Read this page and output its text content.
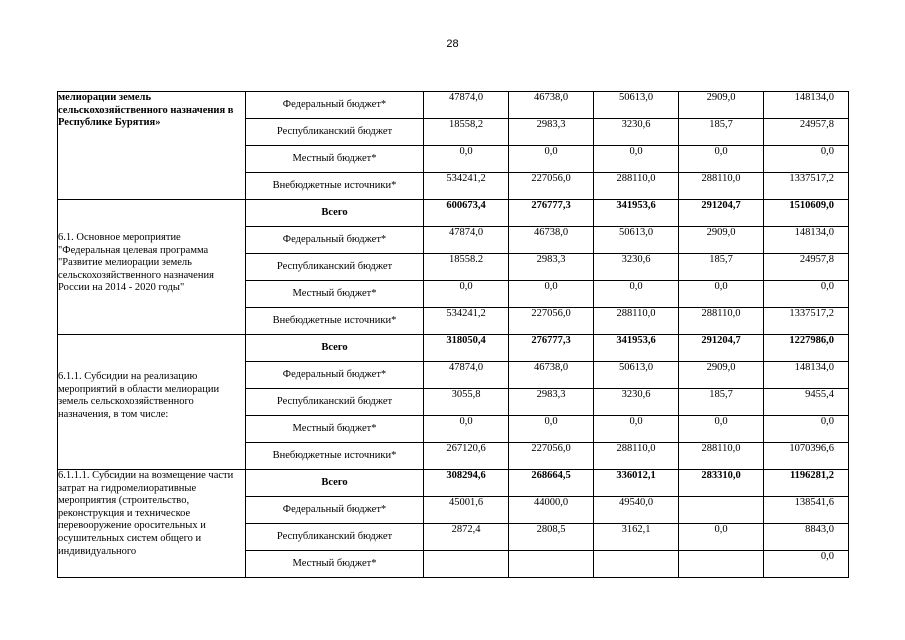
28
мелиорации земель сельскохозяйственного назначения в Республике Бурятия»	Федеральный бюджет*	47874,0	46738,0	50613,0	2909,0	148134,0
	Республиканский бюджет	18558,2	2983,3	3230,6	185,7	24957,8
	Местный бюджет*	0,0	0,0	0,0	0,0	0,0
	Внебюджетные источники*	534241,2	227056,0	288110,0	288110,0	1337517,2

6.1. Основное мероприятие "Федеральная целевая программа "Развитие мелиорации земель сельскохозяйственного назначения России на 2014 - 2020 годы"	Всего	600673,4	276777,3	341953,6	291204,7	1510609,0
	Федеральный бюджет*	47874,0	46738,0	50613,0	2909,0	148134,0
	Республиканский бюджет	18558.2	2983,3	3230,6	185,7	24957,8
	Местный бюджет*	0,0	0,0	0,0	0,0	0,0
	Внебюджетные источники*	534241,2	227056,0	288110,0	288110,0	1337517,2

6.1.1. Субсидии на реализацию мероприятий в области мелиорации земель сельскохозяйственного назначения, в том числе:	Всего	318050,4	276777,3	341953,6	291204,7	1227986,0
	Федеральный бюджет*	47874,0	46738,0	50613,0	2909,0	148134,0
	Республиканский бюджет	3055,8	2983,3	3230,6	185,7	9455,4
	Местный бюджет*	0,0	0,0	0,0	0,0	0,0
	Внебюджетные источники*	267120,6	227056,0	288110,0	288110,0	1070396,6

6.1.1.1. Субсидии на возмещение части затрат на гидромелиоративные мероприятия (строительство, реконструкция и техническое перевооружение оросительных и осушительных систем общего и индивидуального	Всего	308294,6	268664,5	336012,1	283310,0	1196281,2
	Федеральный бюджет*	45001,6	44000,0	49540,0		138541,6
	Республиканский бюджет	2872,4	2808,5	3162,1	0,0	8843,0
	Местный бюджет*					0,0
